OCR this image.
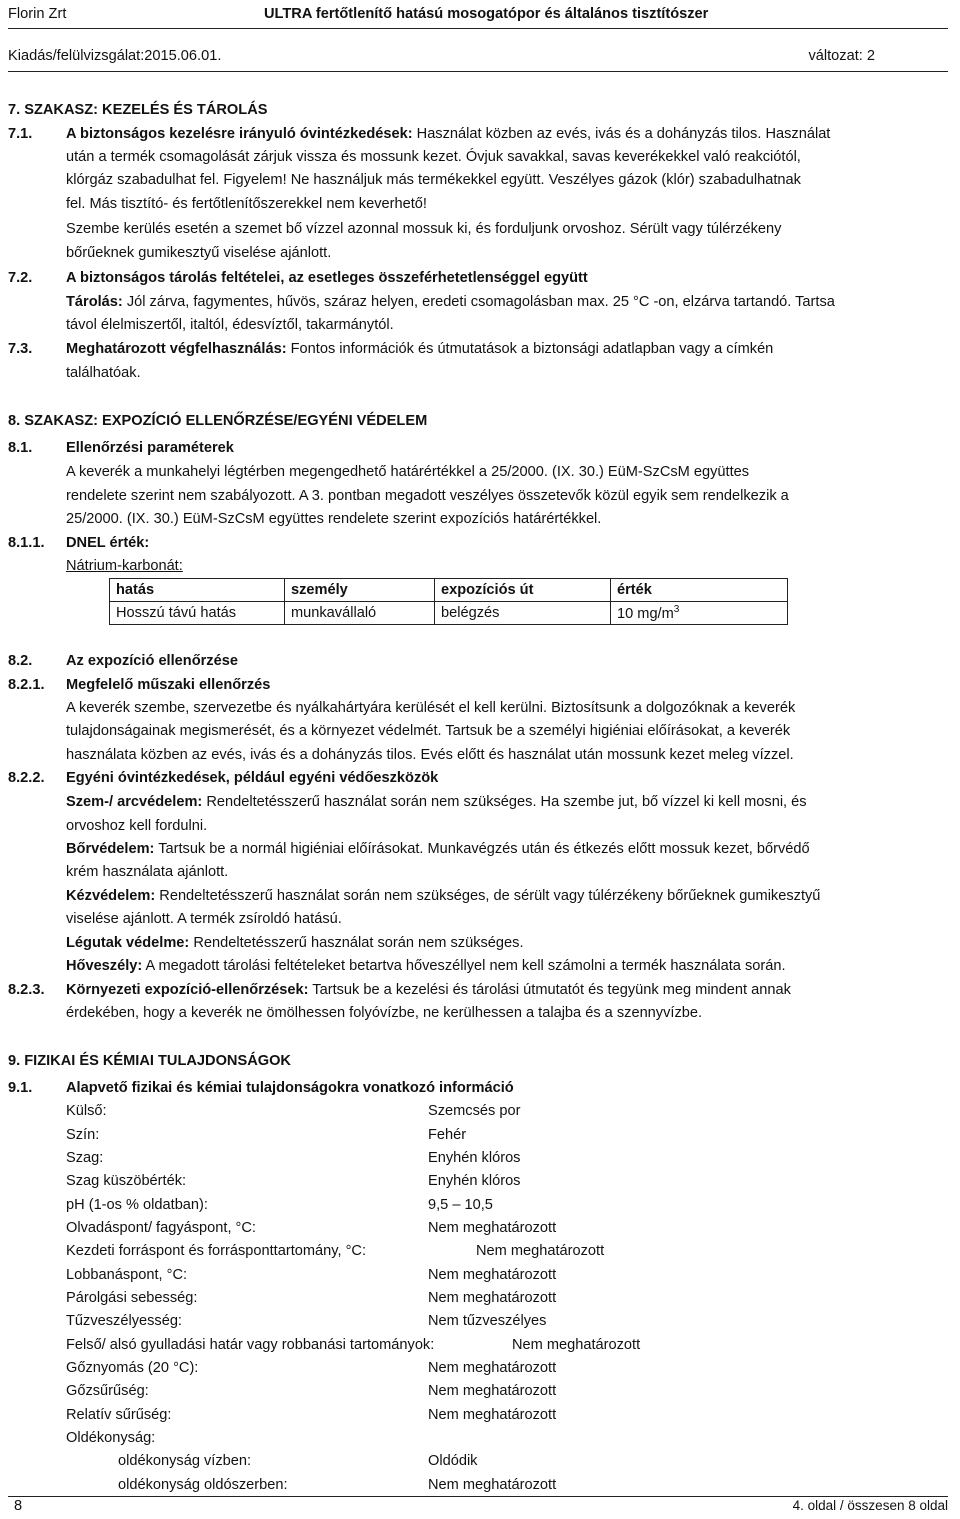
Florin Zrt	ULTRA fertőtlenítő hatású mosogatópor és általános tisztítószer
Kiadás/felülvizsgálat:2015.06.01.	változat: 2
7. SZAKASZ: KEZELÉS ÉS TÁROLÁS
7.1. A biztonságos kezelésre irányuló óvintézkedések: Használat közben az evés, ivás és a dohányzás tilos. Használat
után a termék csomagolását zárjuk vissza és mossunk kezet. Óvjuk savakkal, savas keverékekkel való reakciótól,
klórgáz szabadulhat fel. Figyelem! Ne használjuk más termékekkel együtt. Veszélyes gázok (klór) szabadulhatnak
fel. Más tisztító- és fertőtlenítőszerekkel nem keverhető!
Szembe kerülés esetén a szemet bő vízzel azonnal mossuk ki, és forduljunk orvoshoz. Sérült vagy túlérzékeny
bőrűeknek gumikesztyű viselése ajánlott.
7.2. A biztonságos tárolás feltételei, az esetleges összeférhetetlenséggel együtt
Tárolás: Jól zárva, fagymentes, hűvös, száraz helyen, eredeti csomagolásban max. 25 °C -on, elzárva tartandó. Tartsa
távol élelmiszertől, italtól, édesvíztől, takarmánytól.
7.3. Meghatározott végfelhasználás: Fontos információk és útmutatások a biztonsági adatlapban vagy a címkén
találhatóak.
8. SZAKASZ: EXPOZÍCIÓ ELLENŐRZÉSE/EGYÉNI VÉDELEM
8.1. Ellenőrzési paraméterek
A keverék a munkahelyi légtérben megengedhető határértékkel a 25/2000. (IX. 30.) EüM-SzCsM együttes
rendelete szerint nem szabályozott. A 3. pontban megadott veszélyes összetevők közül egyik sem rendelkezik a
25/2000. (IX. 30.) EüM-SzCsM együttes rendelete szerint expozíciós határértékkel.
8.1.1. DNEL érték:
Nátrium-karbonát:
hatás	személy	expozíciós út	érték
Hosszú távú hatás	munkavállaló	belégzés	10 $mg/m^3$
8.2. Az expozíció ellenőrzése
8.2.1. Megfelelő műszaki ellenőrzés
A keverék szembe, szervezetbe és nyálkahártyára kerülését el kell kerülni. Biztosítsunk a dolgozóknak a keverék
tulajdonságainak megismerését, és a környezet védelmét. Tartsuk be a személyi higiéniai előírásokat, a keverék
használata közben az evés, ivás és a dohányzás tilos. Evés előtt és használat után mossunk kezet meleg vízzel.
8.2.2. Egyéni óvintézkedések, például egyéni védőeszközök
Szem-/ arcvédelem: Rendeltetésszerű használat során nem szükséges. Ha szembe jut, bő vízzel ki kell mosni, és
orvoshoz kell fordulni.
Bőrvédelem: Tartsuk be a normál higiéniai előírásokat. Munkavégzés után és étkezés előtt mossuk kezet, bőrvédő
krém használata ajánlott.
Kézvédelem: Rendeltetésszerű használat során nem szükséges, de sérült vagy túlérzékeny bőrűeknek gumikesztyű
viselése ajánlott. A termék zsíroldó hatású.
Légutak védelme: Rendeltetésszerű használat során nem szükséges.
Hőveszély: A megadott tárolási feltételeket betartva hőveszéllyel nem kell számolni a termék használata során.
8.2.3. Környezeti expozíció-ellenőrzések: Tartsuk be a kezelési és tárolási útmutatót és tegyünk meg mindent annak
érdekében, hogy a keverék ne ömölhessen folyóvízbe, ne kerülhessen a talajba és a szennyvízbe.
9. FIZIKAI ÉS KÉMIAI TULAJDONSÁGOK
9.1. Alapvető fizikai és kémiai tulajdonságokra vonatkozó információ
Külső:	Szemcsés por
Szín:	Fehér
Szag:	Enyhén klóros
Szag küszöbérték:	Enyhén klóros
pH (1-os % oldatban):	9,5 – 10,5
Olvadáspont/ fagyáspont, °C:	Nem meghatározott
Kezdeti forráspont és forrásponttartomány, °C:	Nem meghatározott
Lobbanáspont, °C:	Nem meghatározott
Párolgási sebesség:	Nem meghatározott
Tűzveszélyesség:	Nem tűzveszélyes
Felső/ alsó gyulladási határ vagy robbanási tartományok:	Nem meghatározott
Gőznyomás (20 °C):	Nem meghatározott
Gőzsűrűség:	Nem meghatározott
Relatív sűrűség:	Nem meghatározott
Oldékonyság:
oldékonyság vízben:	Oldódik
oldékonyság oldószerben:	Nem meghatározott
8	4. oldal / összesen 8 oldal
